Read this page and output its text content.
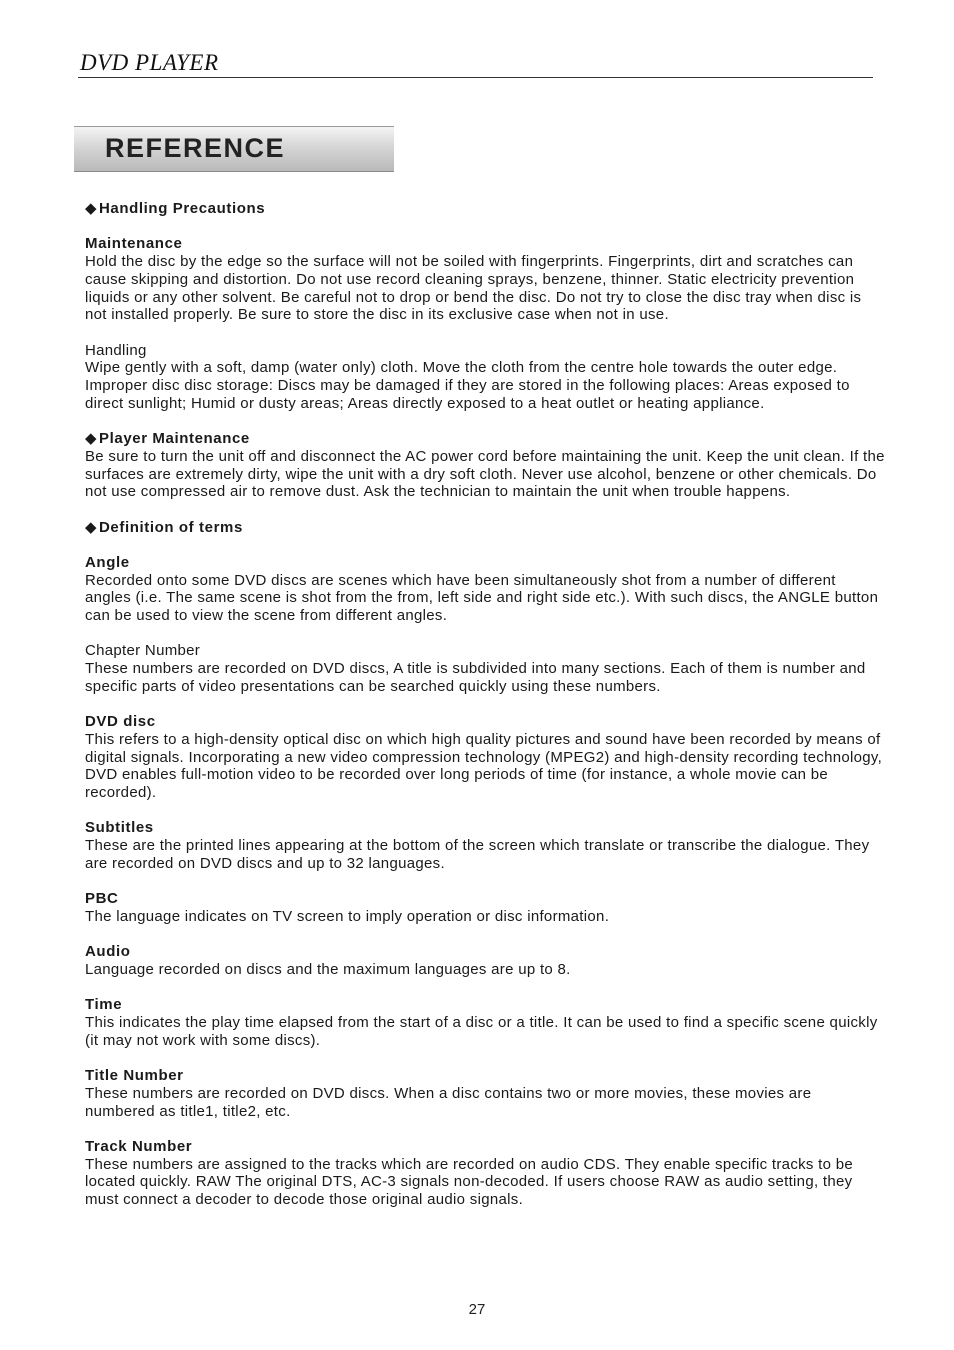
DVD PLAYER
REFERENCE

◆ Handling Precautions

Maintenance

Hold the disc by the edge so the surface will not be soiled with fingerprints. Fingerprints, dirt and scratches can cause skipping and distortion. Do not use record cleaning sprays, benzene, thinner. Static electricity prevention liquids or any other solvent. Be careful not to drop or bend the disc. Do not try to close the disc tray when disc is not installed properly. Be sure to store the disc in its exclusive case when not in use.

Handling

Wipe gently with a soft, damp (water only) cloth. Move the cloth from the centre hole towards the outer edge. Improper disc disc storage: Discs may be damaged if they are stored in the following places: Areas exposed to direct sunlight; Humid or dusty areas; Areas directly exposed to a heat outlet or heating appliance.

◆ Player Maintenance

Be sure to turn the unit off and disconnect the AC power cord before maintaining the unit. Keep the unit clean. If the surfaces are extremely dirty, wipe the unit with a dry soft cloth. Never use alcohol, benzene or other chemicals. Do not use compressed air to remove dust. Ask the technician to maintain the unit when trouble happens.

◆ Definition of terms

Angle

Recorded onto some DVD discs are scenes which have been simultaneously shot from a number of different angles (i.e. The same scene is shot from the from, left side and right side etc.). With such discs, the ANGLE button can be used to view the scene from different angles.

Chapter Number

These numbers are recorded on DVD discs, A title is subdivided into many sections. Each of them is number and specific parts of video presentations can be searched quickly using these numbers.

DVD disc

This refers to a high-density optical disc on which high quality pictures and sound have been recorded by means of digital signals. Incorporating a new video compression technology (MPEG2) and high-density recording technology, DVD enables full-motion video to be recorded over long periods of time (for instance, a whole movie can be recorded).

Subtitles

These are the printed lines appearing at the bottom of the screen which translate or transcribe the dialogue. They are recorded on DVD discs and up to 32 languages.

PBC

The language indicates on TV screen to imply operation or disc information.

Audio

Language recorded on discs and the maximum languages are up to 8.

Time

This indicates the play time elapsed from the start of a disc or a title. It can be used to find a specific scene quickly (it may not work with some discs).

Title Number

These numbers are recorded on DVD discs. When a disc contains two or more movies, these movies are numbered as title1, title2, etc.

Track Number

These numbers are assigned to the tracks which are recorded on audio CDS. They enable specific tracks to be located quickly. RAW The original DTS, AC-3 signals non-decoded. If users choose RAW as audio setting, they must connect a decoder to decode those original audio signals.

27
